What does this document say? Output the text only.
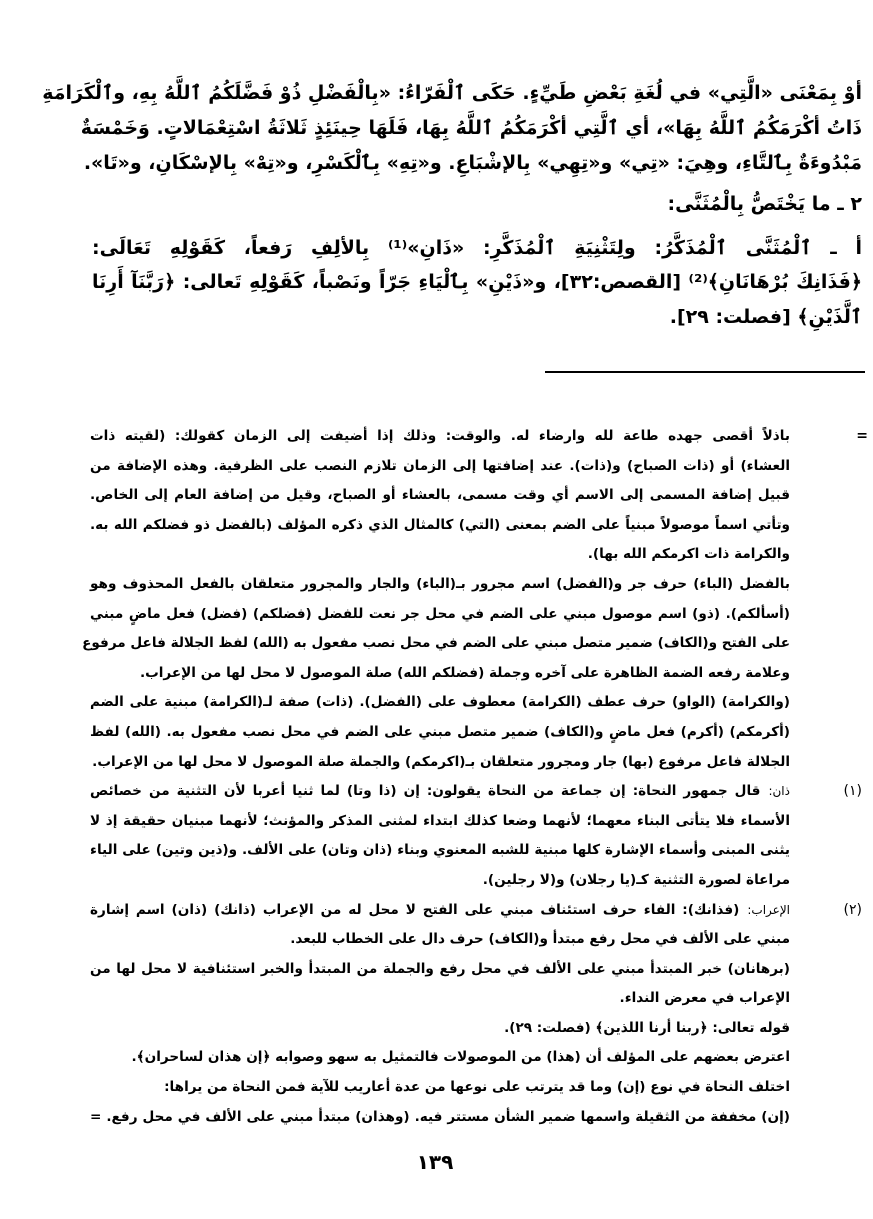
أوْ بِمَعْنَى «الَّتِي» في لُغَةِ بَعْضِ طَيِّءٍ. حَكَى ٱلْفَرّاءُ: «بِالْفَضْلِ ذُوْ فَضَّلَكُمُ ٱللَّهُ بِهِ، وٱلْكَرَامَةِ
ذَاتُ أكْرَمَكُمُ ٱللَّهُ بِهَا»، أي ٱلَّتِي أكْرَمَكُمُ ٱللَّهُ بِهَا، فَلَهَا حِينَئِذٍ ثَلاثَةُ اسْتِعْمَالاتٍ. وَخَمْسَةٌ
مَبْدُوءَةٌ بِٱلتَّاءِ، وهِيَ: «تِي» و«تِهِي» بِالإشْبَاعِ. و«تِهِ» بِٱلْكَسْرِ، و«تِهْ» بِالإسْكَانِ، و«تَا».
٢ ـ ما يَخْتَصُّ بِالْمُثَنَّى:
أ ـ ٱلْمُثَنَّى ٱلْمُذَكَّرُ: ولِتَثْنِيَةِ ٱلْمُذَكَّرِ: «ذَانِ»⁽¹⁾ بِالألِفِ رَفعاً، كَقَوْلِهِ تَعَالَى:
﴿فَذَانِكَ بُرْهَانَانِ﴾⁽²⁾ [القصص:٣٢]، و«ذَيْنِ» بِٱلْيَاءِ جَرّاً ونَصْباً، كَقَوْلِهِ تَعالى: ﴿رَبَّنَآ أَرِنَا
ٱلَّذَيْنِ﴾ [فصلت: ٢٩].
=
باذلاً أقصى جهده طاعة لله وارضاء له. والوقت: وذلك إذا أضيفت إلى الزمان كقولك: (لقيته ذات
العشاء) أو (ذات الصباح) و(ذات). عند إضافتها إلى الزمان تلازم النصب على الظرفية. وهذه الإضافة من
قبيل إضافة المسمى إلى الاسم أي وقت مسمى، بالعشاء أو الصباح، وقيل من إضافة العام إلى الخاص.
وتأتي اسماً موصولاً مبنياً على الضم بمعنى (التي) كالمثال الذي ذكره المؤلف (بالفضل ذو فضلكم الله به.
والكرامة ذات اكرمكم الله بها).
بالفضل (الباء) حرف جر و(الفضل) اسم مجرور بـ(الباء) والجار والمجرور متعلقان بالفعل المحذوف وهو
(أسألكم). (ذو) اسم موصول مبني على الضم في محل جر نعت للفضل (فضلكم) (فضل) فعل ماضٍ مبني
على الفتح و(الكاف) ضمير متصل مبني على الضم في محل نصب مفعول به (الله) لفظ الجلالة فاعل مرفوع
وعلامة رفعه الضمة الظاهرة على آخره وجملة (فضلكم الله) صلة الموصول لا محل لها من الإعراب.
(والكرامة) (الواو) حرف عطف (الكرامة) معطوف على (الفضل). (ذات) صفة لـ(الكرامة) مبنية على الضم
(أكرمكم) (أكرم) فعل ماضٍ و(الكاف) ضمير متصل مبني على الضم في محل نصب مفعول به. (الله) لفظ
الجلالة فاعل مرفوع (بها) جار ومجرور متعلقان بـ(اكرمكم) والجملة صلة الموصول لا محل لها من الإعراب.
(١)
ذان:قال جمهور النحاة: إن جماعة من النحاة يقولون: إن (ذا وتا) لما ثنيا أعربا لأن التثنية من خصائص
الأسماء فلا يتأتى البناء معهما؛ لأنهما وضعا كذلك ابتداء لمثنى المذكر والمؤنث؛ لأنهما مبنيان حقيقة إذ لا
يثنى المبنى وأسماء الإشارة كلها مبنية للشبه المعنوي وبناء (ذان وتان) على الألف. و(ذين وتين) على الياء
مراعاة لصورة التثنية كـ(يا رجلان) و(لا رجلين).
(٢)
الإعراب:(فذانك): الفاء حرف استئناف مبني على الفتح لا محل له من الإعراب (ذانك) (ذان) اسم إشارة
مبني على الألف في محل رفع مبتدأ و(الكاف) حرف دال على الخطاب للبعد.
(برهانان) خبر المبتدأ مبني على الألف في محل رفع والجملة من المبتدأ والخبر استئنافية لا محل لها من
الإعراب في معرض النداء.
قوله تعالى: ﴿ربنا أرنا اللذين﴾ (فصلت: ٢٩).
اعترض بعضهم على المؤلف أن (هذا) من الموصولات فالتمثيل به سهو وصوابه ﴿إن هذان لساحران﴾.
اختلف النحاة في نوع (إن) وما قد يترتب على نوعها من عدة أعاريب للآية فمن النحاة من يراها:
(إن) مخففة من الثقيلة واسمها ضمير الشأن مستتر فيه. (وهذان) مبتدأ مبني على الألف في محل رفع. =
١٣٩
